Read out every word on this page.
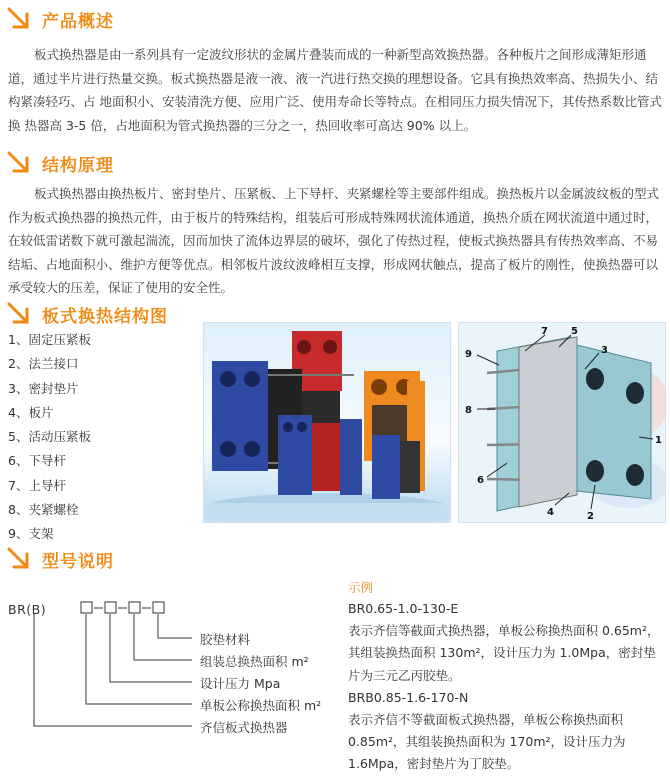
产品概述

板式换热器是由一系列具有一定波纹形状的金属片叠装而成的一种新型高效换热器。各种板片之间形成薄矩形通道，通过半片进行热量交换。板式换热器是液一液、液一汽进行热交换的理想设备。它具有换热效率高、热损失小、结构紧凑轻巧、占 地面积小、安装清洗方便、应用广泛、使用寿命长等特点。在相同压力损失情况下，其传热系数比管式换 热器高 3-5 倍，占地面积为管式换热器的三分之一，热回收率可高达 90% 以上。

结构原理

板式换热器由换热板片、密封垫片、压紧板、上下导杆、夹紧螺栓等主要部件组成。换热板片以金属波纹板的型式作为板式换热器的换热元件，由于板片的特殊结构，组装后可形成特殊网状流体通道，换热介质在网状流道中通过时，在较低雷诺数下就可激起湍流，因而加快了流体边界层的破坏，强化了传热过程，使板式换热器具有传热效率高、不易结垢、占地面积小、维护方便等优点。相邻板片波纹波峰相互支撑，形成网状触点，提高了板片的刚性，使换热器可以承受较大的压差，保证了使用的安全性。

板式换热结构图
1、固定压紧板
2、法兰接口
3、密封垫片
4、板片
5、活动压紧板
6、下导杆
7、上导杆
8、夹紧螺栓
9、支架
7 5
3
9
8
6
1
4	2
型号说明
BR(B)
胶垫材料
组装总换热面积 m²
设计压力 Mpa
单板公称换热面积 m²
齐信板式换热器
示例

BR0.65-1.0-130-E

表示齐信等截面式换热器，单板公称换热面积 0.65m²，其组装换热面积 130m²，设计压力为 1.0Mpa，密封垫片为三元乙丙胶垫。

BRB0.85-1.6-170-N

表示齐信不等截面板式换热器，单板公称换热面积 0.85m²，其组装换热面积为 170m²，设计压力为 1.6Mpa，密封垫片为丁胶垫。
